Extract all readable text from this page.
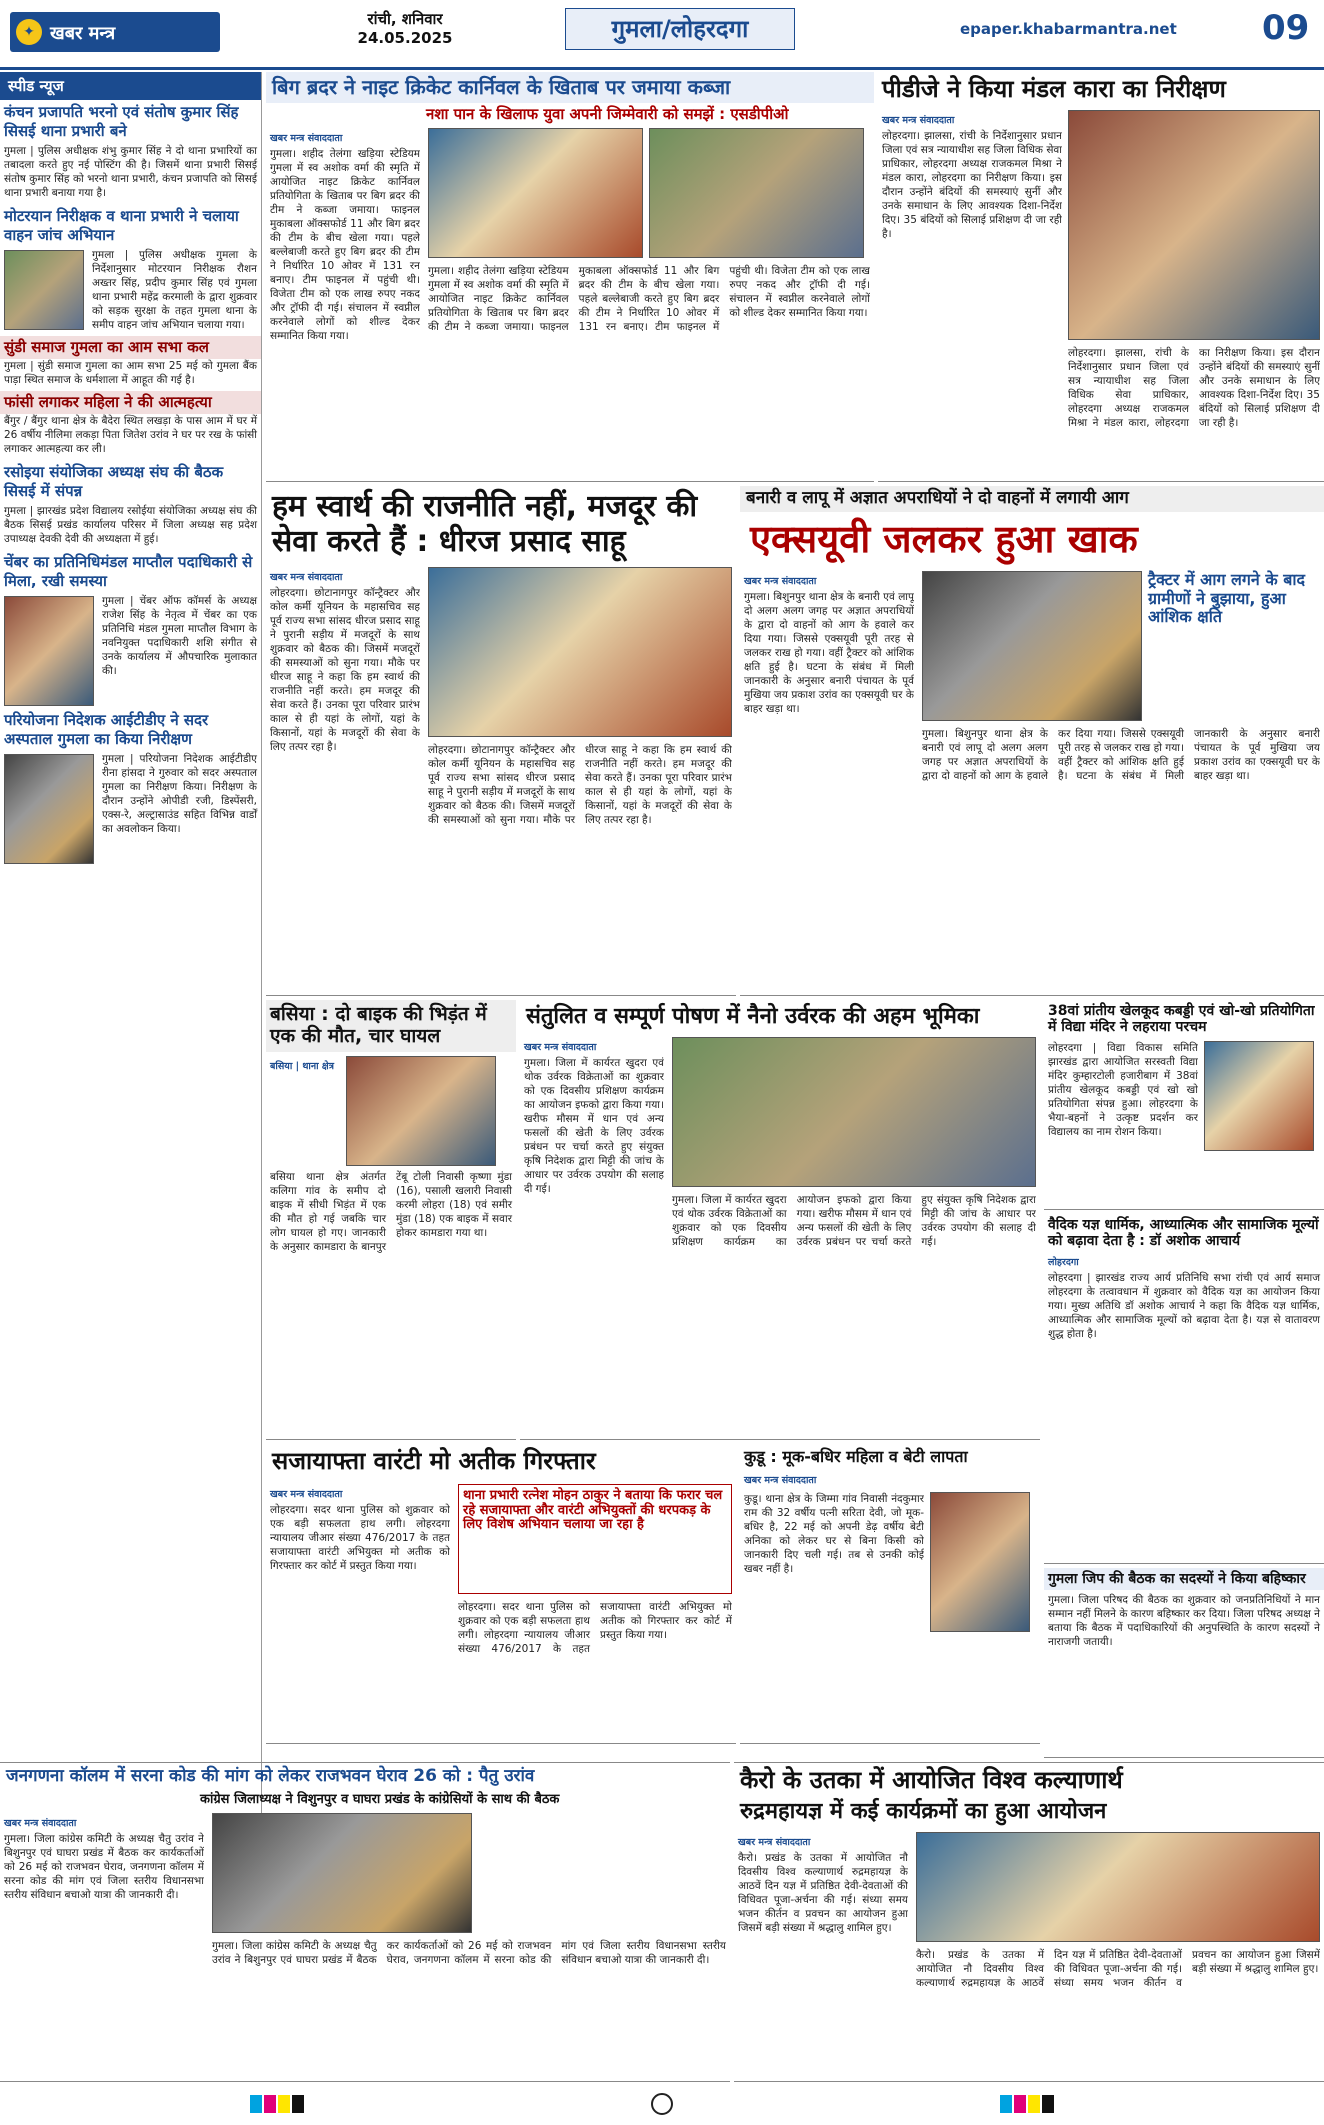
✦ खबर मन्त्र
रांची, शनिवार
24.05.2025	गुमला/लोहरदगा	epaper.khabarmantra.net	09
स्पीड न्यूज
कंचन प्रजापति भरनो एवं संतोष कुमार सिंह सिसई थाना प्रभारी बने
गुमला | पुलिस अधीक्षक शंभु कुमार सिंह ने दो थाना प्रभारियों का तबादला करते हुए नई पोस्टिंग की है। जिसमें थाना प्रभारी सिसई संतोष कुमार सिंह को भरनो थाना प्रभारी, कंचन प्रजापति को सिसई थाना प्रभारी बनाया गया है।
मोटरयान निरीक्षक व थाना प्रभारी ने चलाया वाहन जांच अभियान
गुमला | पुलिस अधीक्षक गुमला के निर्देशानुसार मोटरयान निरीक्षक रौशन अख्तर सिंह, प्रदीप कुमार सिंह एवं गुमला थाना प्रभारी महेंद्र करमाली के द्वारा शुक्रवार को सड़क सुरक्षा के तहत गुमला थाना के समीप वाहन जांच अभियान चलाया गया।
सुंडी समाज गुमला का आम सभा कल
गुमला | सुंडी समाज गुमला का आम सभा 25 मई को गुमला बैंक पाड़ा स्थित समाज के धर्मशाला में आहूत की गई है।
फांसी लगाकर महिला ने की आत्महत्या
बैंगुर / बैंगुर थाना क्षेत्र के बैदेरा स्थित लखड़ा के पास आम में घर में 26 वर्षीय नीलिमा लकड़ा पिता जितेश उरांव ने घर पर रख के फांसी लगाकर आत्महत्या कर ली।
रसोइया संयोजिका अध्यक्ष संघ की बैठक सिसई में संपन्न
गुमला | झारखंड प्रदेश विद्यालय रसोईया संयोजिका अध्यक्ष संघ की बैठक सिसई प्रखंड कार्यालय परिसर में जिला अध्यक्ष सह प्रदेश उपाध्यक्ष देवकी देवी की अध्यक्षता में हुई।
चेंबर का प्रतिनिधिमंडल माप्तौल पदाधिकारी से मिला, रखी समस्या
गुमला | चेंबर ऑफ कॉमर्स के अध्यक्ष राजेश सिंह के नेतृत्व में चेंबर का एक प्रतिनिधि मंडल गुमला माप्तौल विभाग के नवनियुक्त पदाधिकारी शशि संगीत से उनके कार्यालय में औपचारिक मुलाकात की।
परियोजना निदेशक आईटीडीए ने सदर अस्पताल गुमला का किया निरीक्षण
गुमला | परियोजना निदेशक आईटीडीए रीना हांसदा ने गुरुवार को सदर अस्पताल गुमला का निरीक्षण किया। निरीक्षण के दौरान उन्होंने ओपीडी रजी, डिस्पेंसरी, एक्स-रे, अल्ट्रासाउंड सहित विभिन्न वार्डों का अवलोकन किया।
बिग ब्रदर ने नाइट क्रिकेट कार्निवल के खिताब पर जमाया कब्जा
नशा पान के खिलाफ युवा अपनी जिम्मेवारी को समझें : एसडीपीओ
खबर मन्त्र संवाददाता
गुमला। शहीद तेलंगा खड़िया स्टेडियम गुमला में स्व अशोक वर्मा की स्मृति में आयोजित नाइट क्रिकेट कार्निवल प्रतियोगिता के खिताब पर बिग ब्रदर की टीम ने कब्जा जमाया। फाइनल मुकाबला ऑक्सफोर्ड 11 और बिग ब्रदर की टीम के बीच खेला गया। पहले बल्लेबाजी करते हुए बिग ब्रदर की टीम ने निर्धारित 10 ओवर में 131 रन बनाए। टीम फाइनल में पहुंची थी। विजेता टीम को एक लाख रुपए नकद और ट्रॉफी दी गई। संचालन में स्वप्नील करनेवाले लोगों को शील्ड देकर सम्मानित किया गया।
गुमला। शहीद तेलंगा खड़िया स्टेडियम गुमला में स्व अशोक वर्मा की स्मृति में आयोजित नाइट क्रिकेट कार्निवल प्रतियोगिता के खिताब पर बिग ब्रदर की टीम ने कब्जा जमाया। फाइनल मुकाबला ऑक्सफोर्ड 11 और बिग ब्रदर की टीम के बीच खेला गया। पहले बल्लेबाजी करते हुए बिग ब्रदर की टीम ने निर्धारित 10 ओवर में 131 रन बनाए। टीम फाइनल में पहुंची थी। विजेता टीम को एक लाख रुपए नकद और ट्रॉफी दी गई। संचालन में स्वप्नील करनेवाले लोगों को शील्ड देकर सम्मानित किया गया।
पीडीजे ने किया मंडल कारा का निरीक्षण
खबर मन्त्र संवाददाता
लोहरदगा। झालसा, रांची के निर्देशानुसार प्रधान जिला एवं सत्र न्यायाधीश सह जिला विधिक सेवा प्राधिकार, लोहरदगा अध्यक्ष राजकमल मिश्रा ने मंडल कारा, लोहरदगा का निरीक्षण किया। इस दौरान उन्होंने बंदियों की समस्याएं सुनीं और उनके समाधान के लिए आवश्यक दिशा-निर्देश दिए। 35 बंदियों को सिलाई प्रशिक्षण दी जा रही है।
लोहरदगा। झालसा, रांची के निर्देशानुसार प्रधान जिला एवं सत्र न्यायाधीश सह जिला विधिक सेवा प्राधिकार, लोहरदगा अध्यक्ष राजकमल मिश्रा ने मंडल कारा, लोहरदगा का निरीक्षण किया। इस दौरान उन्होंने बंदियों की समस्याएं सुनीं और उनके समाधान के लिए आवश्यक दिशा-निर्देश दिए। 35 बंदियों को सिलाई प्रशिक्षण दी जा रही है।
हम स्वार्थ की राजनीति नहीं, मजदूर की सेवा करते हैं : धीरज प्रसाद साहू
खबर मन्त्र संवाददाता
लोहरदगा। छोटानागपुर कॉन्ट्रैक्टर और कोल कर्मी यूनियन के महासचिव सह पूर्व राज्य सभा सांसद धीरज प्रसाद साहू ने पुरानी सड़ीय में मजदूरों के साथ शुक्रवार को बैठक की। जिसमें मजदूरों की समस्याओं को सुना गया। मौके पर धीरज साहू ने कहा कि हम स्वार्थ की राजनीति नहीं करते। हम मजदूर की सेवा करते हैं। उनका पूरा परिवार प्रारंभ काल से ही यहां के लोगों, यहां के किसानों, यहां के मजदूरों की सेवा के लिए तत्पर रहा है।	लोहरदगा। छोटानागपुर कॉन्ट्रैक्टर और कोल कर्मी यूनियन के महासचिव सह पूर्व राज्य सभा सांसद धीरज प्रसाद साहू ने पुरानी सड़ीय में मजदूरों के साथ शुक्रवार को बैठक की। जिसमें मजदूरों की समस्याओं को सुना गया। मौके पर धीरज साहू ने कहा कि हम स्वार्थ की राजनीति नहीं करते। हम मजदूर की सेवा करते हैं। उनका पूरा परिवार प्रारंभ काल से ही यहां के लोगों, यहां के किसानों, यहां के मजदूरों की सेवा के लिए तत्पर रहा है।
बनारी व लापू में अज्ञात अपराधियों ने दो वाहनों में लगायी आग
एक्सयूवी जलकर हुआ खाक
खबर मन्त्र संवाददाता
गुमला। बिशुनपुर थाना क्षेत्र के बनारी एवं लापू दो अलग अलग जगह पर अज्ञात अपराधियों के द्वारा दो वाहनों को आग के हवाले कर दिया गया। जिससे एक्सयूवी पूरी तरह से जलकर राख हो गया। वहीं ट्रैक्टर को आंशिक क्षति हुई है। घटना के संबंध में मिली जानकारी के अनुसार बनारी पंचायत के पूर्व मुखिया जय प्रकाश उरांव का एक्सयूवी घर के बाहर खड़ा था।
ट्रैक्टर में आग लगने के बाद ग्रामीणों ने बुझाया, हुआ आंशिक क्षति
गुमला। बिशुनपुर थाना क्षेत्र के बनारी एवं लापू दो अलग अलग जगह पर अज्ञात अपराधियों के द्वारा दो वाहनों को आग के हवाले कर दिया गया। जिससे एक्सयूवी पूरी तरह से जलकर राख हो गया। वहीं ट्रैक्टर को आंशिक क्षति हुई है। घटना के संबंध में मिली जानकारी के अनुसार बनारी पंचायत के पूर्व मुखिया जय प्रकाश उरांव का एक्सयूवी घर के बाहर खड़ा था।
बसिया : दो बाइक की भिड़ंत में एक की मौत, चार घायल
बसिया | थाना क्षेत्र
बसिया थाना क्षेत्र अंतर्गत कलिगा गांव के समीप दो बाइक में सीधी भिड़ंत में एक की मौत हो गई जबकि चार लोग घायल हो गए। जानकारी के अनुसार कामडारा के बानपुर टेंबू टोली निवासी कृष्णा मुंडा (16), पसाली खलारी निवासी करमी लोहरा (18) एवं समीर मुंडा (18) एक बाइक में सवार होकर कामडारा गया था।
संतुलित व सम्पूर्ण पोषण में नैनो उर्वरक की अहम भूमिका
खबर मन्त्र संवाददाता
गुमला। जिला में कार्यरत खुदरा एवं थोक उर्वरक विक्रेताओं का शुक्रवार को एक दिवसीय प्रशिक्षण कार्यक्रम का आयोजन इफको द्वारा किया गया। खरीफ मौसम में धान एवं अन्य फसलों की खेती के लिए उर्वरक प्रबंधन पर चर्चा करते हुए संयुक्त कृषि निदेशक द्वारा मिट्टी की जांच के आधार पर उर्वरक उपयोग की सलाह दी गई।
गुमला। जिला में कार्यरत खुदरा एवं थोक उर्वरक विक्रेताओं का शुक्रवार को एक दिवसीय प्रशिक्षण कार्यक्रम का आयोजन इफको द्वारा किया गया। खरीफ मौसम में धान एवं अन्य फसलों की खेती के लिए उर्वरक प्रबंधन पर चर्चा करते हुए संयुक्त कृषि निदेशक द्वारा मिट्टी की जांच के आधार पर उर्वरक उपयोग की सलाह दी गई।
38वां प्रांतीय खेलकूद कबड्डी एवं खो-खो प्रतियोगिता में विद्या मंदिर ने लहराया परचम
लोहरदगा | विद्या विकास समिति झारखंड द्वारा आयोजित सरस्वती विद्या मंदिर कुम्हारटोली हजारीबाग में 38वां प्रांतीय खेलकूद कबड्डी एवं खो खो प्रतियोगिता संपन्न हुआ। लोहरदगा के भैया-बहनों ने उत्कृष्ट प्रदर्शन कर विद्यालय का नाम रोशन किया।
वैदिक यज्ञ धार्मिक, आध्यात्मिक और सामाजिक मूल्यों को बढ़ावा देता है : डॉ अशोक आचार्य
लोहरदगा
लोहरदगा | झारखंड राज्य आर्य प्रतिनिधि सभा रांची एवं आर्य समाज लोहरदगा के तत्वावधान में शुक्रवार को वैदिक यज्ञ का आयोजन किया गया। मुख्य अतिथि डॉ अशोक आचार्य ने कहा कि वैदिक यज्ञ धार्मिक, आध्यात्मिक और सामाजिक मूल्यों को बढ़ावा देता है। यज्ञ से वातावरण शुद्ध होता है।
गुमला जिप की बैठक का सदस्यों ने किया बहिष्कार
गुमला। जिला परिषद की बैठक का शुक्रवार को जनप्रतिनिधियों ने मान सम्मान नहीं मिलने के कारण बहिष्कार कर दिया। जिला परिषद अध्यक्ष ने बताया कि बैठक में पदाधिकारियों की अनुपस्थिति के कारण सदस्यों ने नाराजगी जतायी।
सजायाफ्ता वारंटी मो अतीक गिरफ्तार
खबर मन्त्र संवाददाता
लोहरदगा। सदर थाना पुलिस को शुक्रवार को एक बड़ी सफलता हाथ लगी। लोहरदगा न्यायालय जीआर संख्या 476/2017 के तहत सजायाफ्ता वारंटी अभियुक्त मो अतीक को गिरफ्तार कर कोर्ट में प्रस्तुत किया गया।
थाना प्रभारी रत्नेश मोहन ठाकुर ने बताया कि फरार चल रहे सजायाफ्ता और वारंटी अभियुक्तों की धरपकड़ के लिए विशेष अभियान चलाया जा रहा है
लोहरदगा। सदर थाना पुलिस को शुक्रवार को एक बड़ी सफलता हाथ लगी। लोहरदगा न्यायालय जीआर संख्या 476/2017 के तहत सजायाफ्ता वारंटी अभियुक्त मो अतीक को गिरफ्तार कर कोर्ट में प्रस्तुत किया गया।
कुडू : मूक-बधिर महिला व बेटी लापता
खबर मन्त्र संवाददाता
कुडू। थाना क्षेत्र के जिम्मा गांव निवासी नंदकुमार राम की 32 वर्षीय पत्नी सरिता देवी, जो मूक-बधिर है, 22 मई को अपनी डेढ़ वर्षीय बेटी अनिका को लेकर घर से बिना किसी को जानकारी दिए चली गई। तब से उनकी कोई खबर नहीं है।
जनगणना कॉलम में सरना कोड की मांग को लेकर राजभवन घेराव 26 को : पैतु उरांव
कांग्रेस जिलाध्यक्ष ने विशुनपुर व घाघरा प्रखंड के कांग्रेसियों के साथ की बैठक
खबर मन्त्र संवाददाता
गुमला। जिला कांग्रेस कमिटी के अध्यक्ष चैतु उरांव ने बिशुनपुर एवं घाघरा प्रखंड में बैठक कर कार्यकर्ताओं को 26 मई को राजभवन घेराव, जनगणना कॉलम में सरना कोड की मांग एवं जिला स्तरीय विधानसभा स्तरीय संविधान बचाओ यात्रा की जानकारी दी।
गुमला। जिला कांग्रेस कमिटी के अध्यक्ष चैतु उरांव ने बिशुनपुर एवं घाघरा प्रखंड में बैठक कर कार्यकर्ताओं को 26 मई को राजभवन घेराव, जनगणना कॉलम में सरना कोड की मांग एवं जिला स्तरीय विधानसभा स्तरीय संविधान बचाओ यात्रा की जानकारी दी।
कैरो के उतका में आयोजित विश्व कल्याणार्थ
रुद्रमहायज्ञ में कई कार्यक्रमों का हुआ आयोजन
खबर मन्त्र संवाददाता
कैरो। प्रखंड के उतका में आयोजित नौ दिवसीय विश्व कल्याणार्थ रुद्रमहायज्ञ के आठवें दिन यज्ञ में प्रतिष्ठित देवी-देवताओं की विधिवत पूजा-अर्चना की गई। संध्या समय भजन कीर्तन व प्रवचन का आयोजन हुआ जिसमें बड़ी संख्या में श्रद्धालु शामिल हुए।
कैरो। प्रखंड के उतका में आयोजित नौ दिवसीय विश्व कल्याणार्थ रुद्रमहायज्ञ के आठवें दिन यज्ञ में प्रतिष्ठित देवी-देवताओं की विधिवत पूजा-अर्चना की गई। संध्या समय भजन कीर्तन व प्रवचन का आयोजन हुआ जिसमें बड़ी संख्या में श्रद्धालु शामिल हुए।
